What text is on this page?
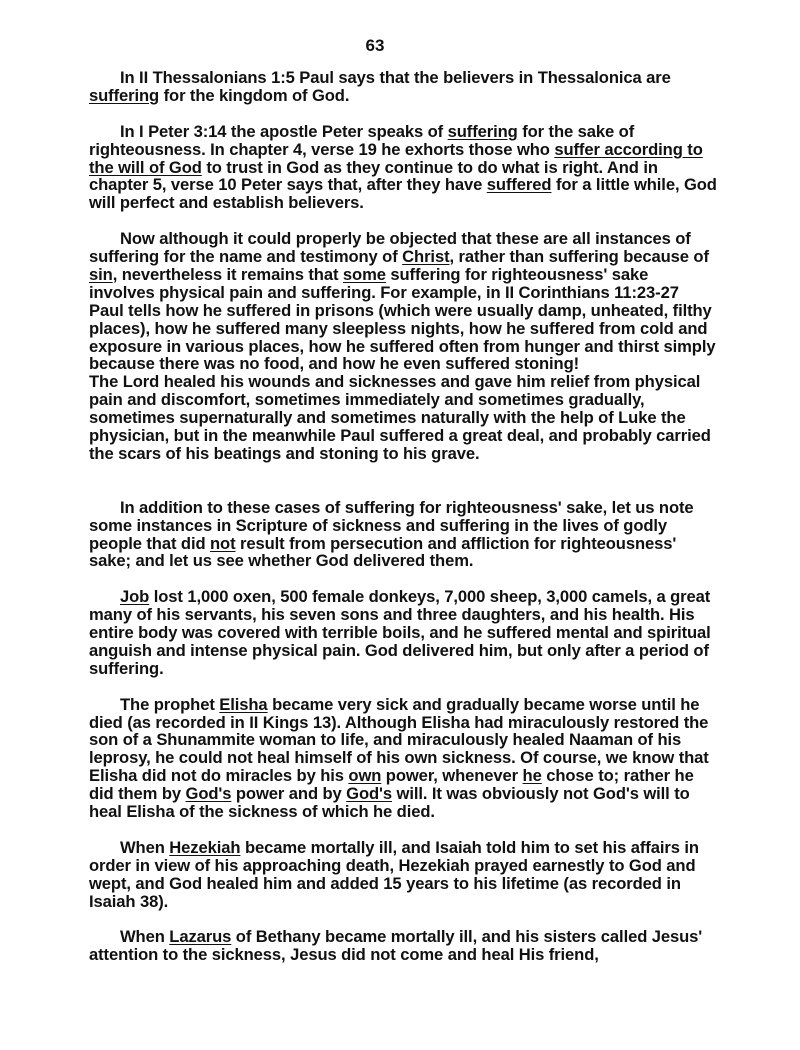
63

In II Thessalonians 1:5 Paul says that the believers in Thessalonica are suffering for the kingdom of God.

In I Peter 3:14 the apostle Peter speaks of suffering for the sake of righteousness. In chapter 4, verse 19 he exhorts those who suffer according to the will of God to trust in God as they continue to do what is right. And in chapter 5, verse 10 Peter says that, after they have suffered for a little while, God will perfect and establish believers.

Now although it could properly be objected that these are all instances of suffering for the name and testimony of Christ, rather than suffering because of sin, nevertheless it remains that some suffering for righteousness' sake involves physical pain and suffering. For example, in II Corinthians 11:23-27 Paul tells how he suffered in prisons (which were usually damp, unheated, filthy places), how he suffered many sleepless nights, how he suffered from cold and exposure in various places, how he suffered often from hunger and thirst simply because there was no food, and how he even suffered stoning!

The Lord healed his wounds and sicknesses and gave him relief from physical pain and discomfort, sometimes immediately and sometimes gradually, sometimes supernaturally and sometimes naturally with the help of Luke the physician, but in the meanwhile Paul suffered a great deal, and probably carried the scars of his beatings and stoning to his grave.

In addition to these cases of suffering for righteousness' sake, let us note some instances in Scripture of sickness and suffering in the lives of godly people that did not result from persecution and affliction for righteousness' sake; and let us see whether God delivered them.

Job lost 1,000 oxen, 500 female donkeys, 7,000 sheep, 3,000 camels, a great many of his servants, his seven sons and three daughters, and his health. His entire body was covered with terrible boils, and he suffered mental and spiritual anguish and intense physical pain. God delivered him, but only after a period of suffering.

The prophet Elisha became very sick and gradually became worse until he died (as recorded in II Kings 13). Although Elisha had miraculously restored the son of a Shunammite woman to life, and miraculously healed Naaman of his leprosy, he could not heal himself of his own sickness. Of course, we know that Elisha did not do miracles by his own power, whenever he chose to; rather he did them by God's power and by God's will. It was obviously not God's will to heal Elisha of the sickness of which he died.

When Hezekiah became mortally ill, and Isaiah told him to set his affairs in order in view of his approaching death, Hezekiah prayed earnestly to God and wept, and God healed him and added 15 years to his lifetime (as recorded in Isaiah 38).

When Lazarus of Bethany became mortally ill, and his sisters called Jesus' attention to the sickness, Jesus did not come and heal His friend,
